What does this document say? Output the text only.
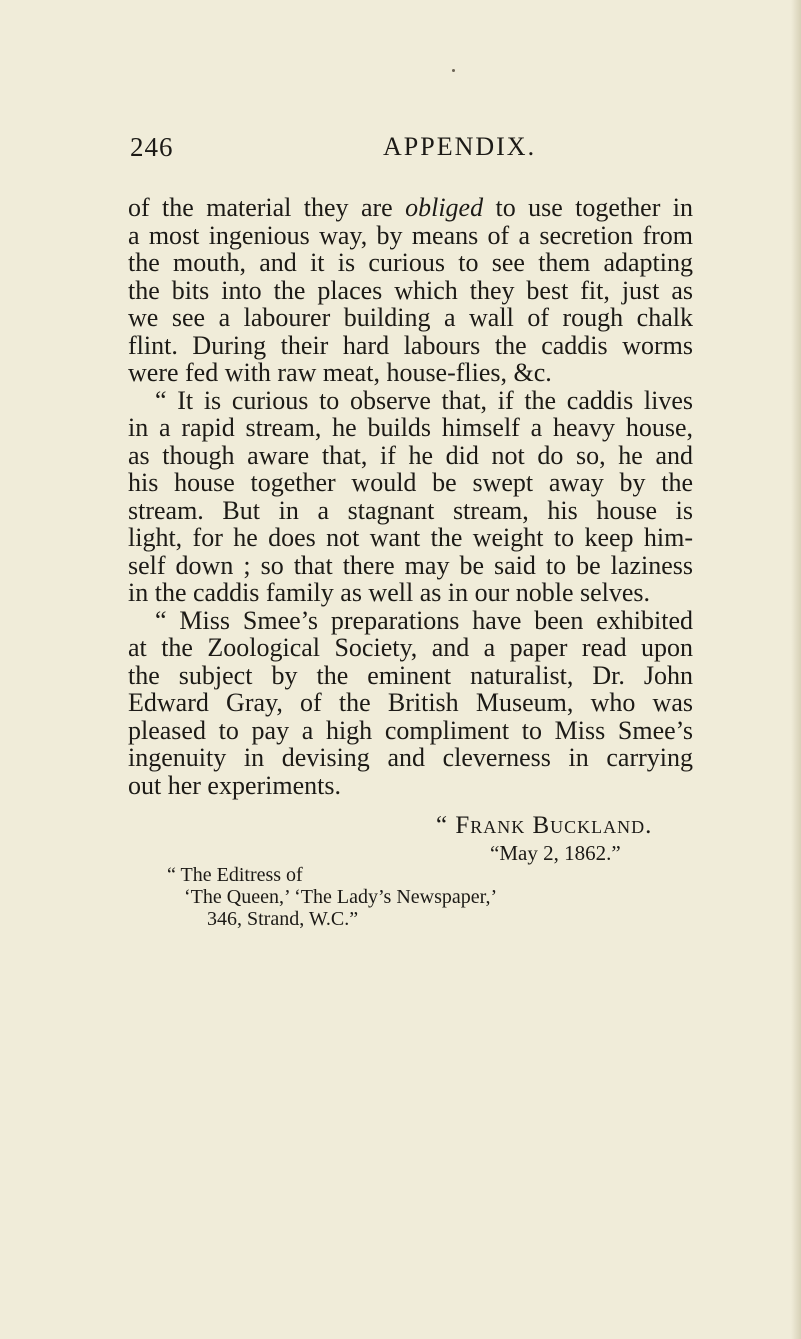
246	APPENDIX.
of the material they are obliged to use together in
a most ingenious way, by means of a secretion from
the mouth, and it is curious to see them adapting
the bits into the places which they best fit, just as
we see a labourer building a wall of rough chalk
flint. During their hard labours the caddis worms
were fed with raw meat, house-flies, &c.
“ It is curious to observe that, if the caddis lives
in a rapid stream, he builds himself a heavy house,
as though aware that, if he did not do so, he and
his house together would be swept away by the
stream. But in a stagnant stream, his house is
light, for he does not want the weight to keep him-
self down ; so that there may be said to be laziness
in the caddis family as well as in our noble selves.
“ Miss Smee’s preparations have been exhibited
at the Zoological Society, and a paper read upon
the subject by the eminent naturalist, Dr. John
Edward Gray, of the British Museum, who was
pleased to pay a high compliment to Miss Smee’s
ingenuity in devising and cleverness in carrying
out her experiments.
“ Frank Buckland.
“May 2, 1862.”
“ The Editress of
‘The Queen,’ ‘The Lady’s Newspaper,’
346, Strand, W.C.”
